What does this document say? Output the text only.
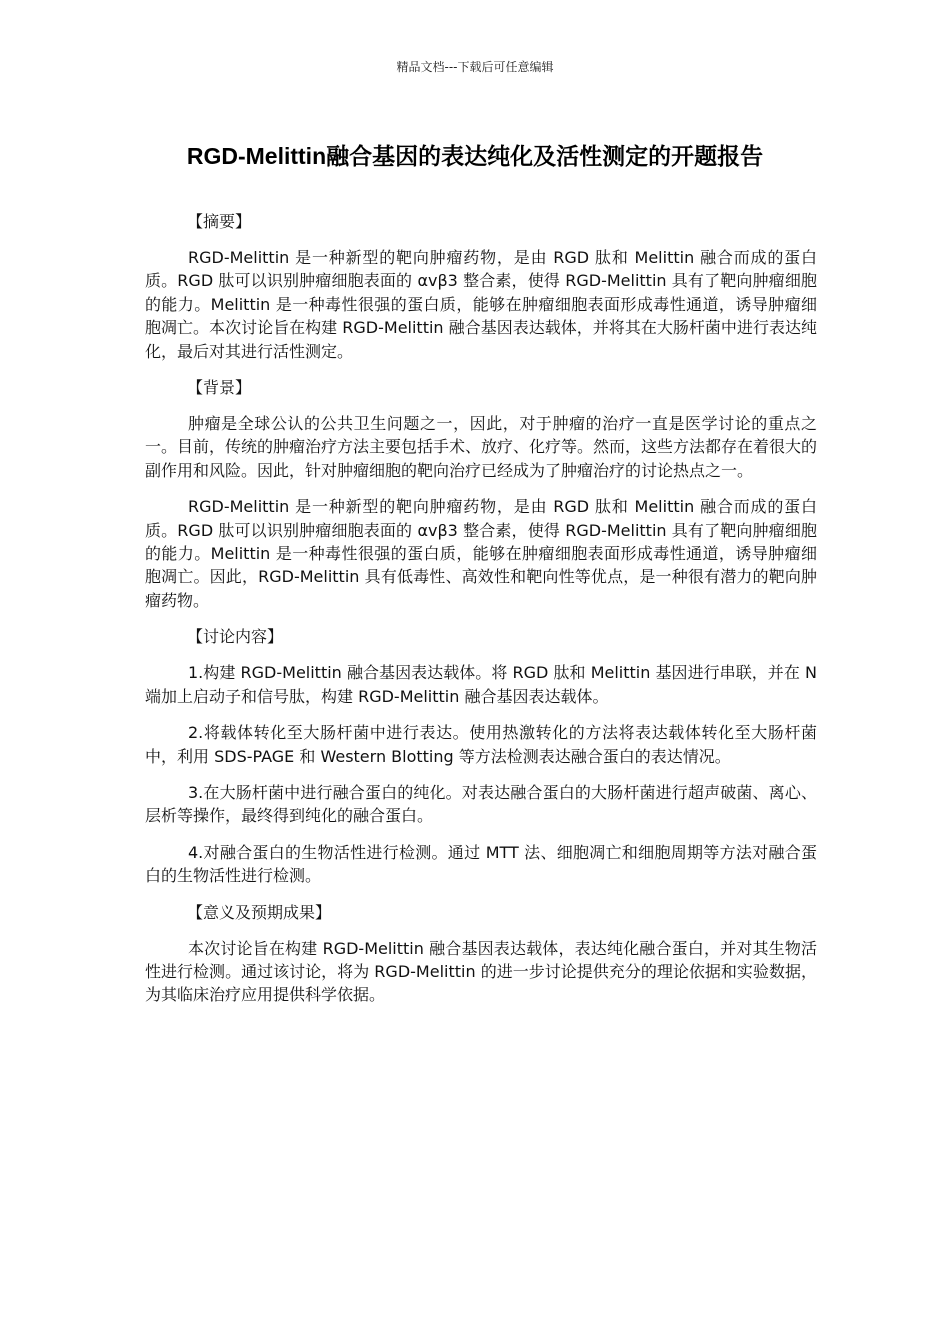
精品文档---下载后可任意编辑
RGD-Melittin融合基因的表达纯化及活性测定的开题报告

【摘要】

RGD-Melittin 是一种新型的靶向肿瘤药物，是由 RGD 肽和 Melittin 融合而成的蛋白质。RGD 肽可以识别肿瘤细胞表面的 αvβ3 整合素，使得 RGD-Melittin 具有了靶向肿瘤细胞的能力。Melittin 是一种毒性很强的蛋白质，能够在肿瘤细胞表面形成毒性通道，诱导肿瘤细胞凋亡。本次讨论旨在构建 RGD-Melittin 融合基因表达载体，并将其在大肠杆菌中进行表达纯化，最后对其进行活性测定。

【背景】

肿瘤是全球公认的公共卫生问题之一，因此，对于肿瘤的治疗一直是医学讨论的重点之一。目前，传统的肿瘤治疗方法主要包括手术、放疗、化疗等。然而，这些方法都存在着很大的副作用和风险。因此，针对肿瘤细胞的靶向治疗已经成为了肿瘤治疗的讨论热点之一。

RGD-Melittin 是一种新型的靶向肿瘤药物，是由 RGD 肽和 Melittin 融合而成的蛋白质。RGD 肽可以识别肿瘤细胞表面的 αvβ3 整合素，使得 RGD-Melittin 具有了靶向肿瘤细胞的能力。Melittin 是一种毒性很强的蛋白质，能够在肿瘤细胞表面形成毒性通道，诱导肿瘤细胞凋亡。因此，RGD-Melittin 具有低毒性、高效性和靶向性等优点，是一种很有潜力的靶向肿瘤药物。

【讨论内容】

1.构建 RGD-Melittin 融合基因表达载体。将 RGD 肽和 Melittin 基因进行串联，并在 N 端加上启动子和信号肽，构建 RGD-Melittin 融合基因表达载体。

2.将载体转化至大肠杆菌中进行表达。使用热激转化的方法将表达载体转化至大肠杆菌中，利用 SDS-PAGE 和 Western Blotting 等方法检测表达融合蛋白的表达情况。

3.在大肠杆菌中进行融合蛋白的纯化。对表达融合蛋白的大肠杆菌进行超声破菌、离心、层析等操作，最终得到纯化的融合蛋白。

4.对融合蛋白的生物活性进行检测。通过 MTT 法、细胞凋亡和细胞周期等方法对融合蛋白的生物活性进行检测。

【意义及预期成果】

本次讨论旨在构建 RGD-Melittin 融合基因表达载体，表达纯化融合蛋白，并对其生物活性进行检测。通过该讨论，将为 RGD-Melittin 的进一步讨论提供充分的理论依据和实验数据，为其临床治疗应用提供科学依据。
